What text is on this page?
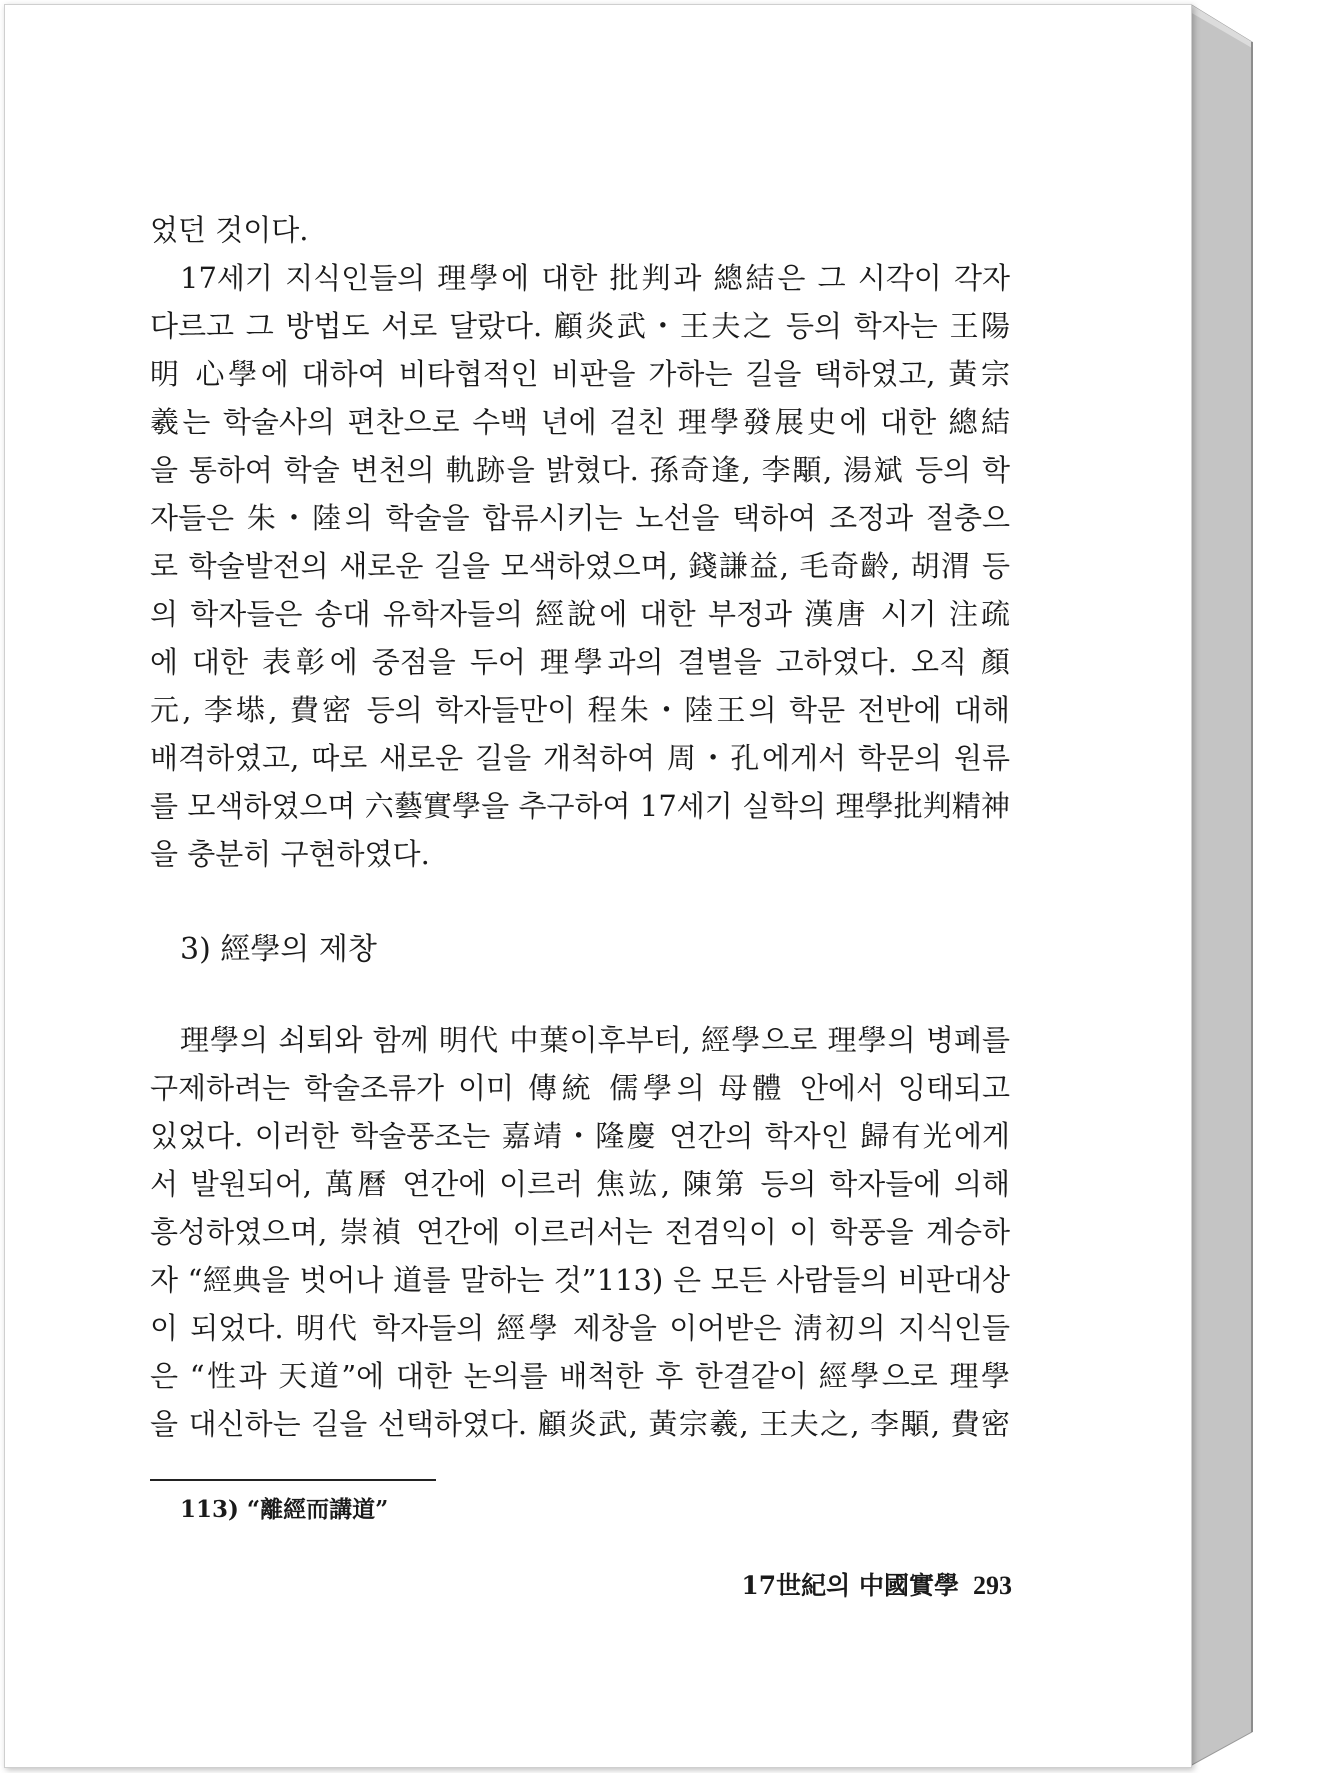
었던 것이다.
17세기 지식인들의 理學에 대한 批判과 總結은 그 시각이 각자
다르고 그 방법도 서로 달랐다. 顧炎武・王夫之 등의 학자는 王陽
明 心學에 대하여 비타협적인 비판을 가하는 길을 택하였고, 黃宗
羲는 학술사의 편찬으로 수백 년에 걸친 理學發展史에 대한 總結
을 통하여 학술 변천의 軌跡을 밝혔다. 孫奇逢, 李顒, 湯斌 등의 학
자들은 朱・陸의 학술을 합류시키는 노선을 택하여 조정과 절충으
로 학술발전의 새로운 길을 모색하였으며, 錢謙益, 毛奇齡, 胡渭 등
의 학자들은 송대 유학자들의 經說에 대한 부정과 漢唐 시기 注疏
에 대한 表彰에 중점을 두어 理學과의 결별을 고하였다. 오직 顏
元, 李塨, 費密 등의 학자들만이 程朱・陸王의 학문 전반에 대해
배격하였고, 따로 새로운 길을 개척하여 周・孔에게서 학문의 원류
를 모색하였으며 六藝實學을 추구하여 17세기 실학의 理學批判精神
을 충분히 구현하였다.
3) 經學의 제창
理學의 쇠퇴와 함께 明代 中葉이후부터, 經學으로 理學의 병폐를
구제하려는 학술조류가 이미 傳統 儒學의 母體 안에서 잉태되고
있었다. 이러한 학술풍조는 嘉靖・隆慶 연간의 학자인 歸有光에게
서 발원되어, 萬曆 연간에 이르러 焦竑, 陳第 등의 학자들에 의해
흥성하였으며, 崇禎 연간에 이르러서는 전겸익이 이 학풍을 계승하
자 “經典을 벗어나 道를 말하는 것”113) 은 모든 사람들의 비판대상
이 되었다. 明代 학자들의 經學 제창을 이어받은 淸初의 지식인들
은 “性과 天道”에 대한 논의를 배척한 후 한결같이 經學으로 理學
을 대신하는 길을 선택하였다. 顧炎武, 黃宗羲, 王夫之, 李顒, 費密
113) “離經而講道”
17世紀의 中國實學 293
